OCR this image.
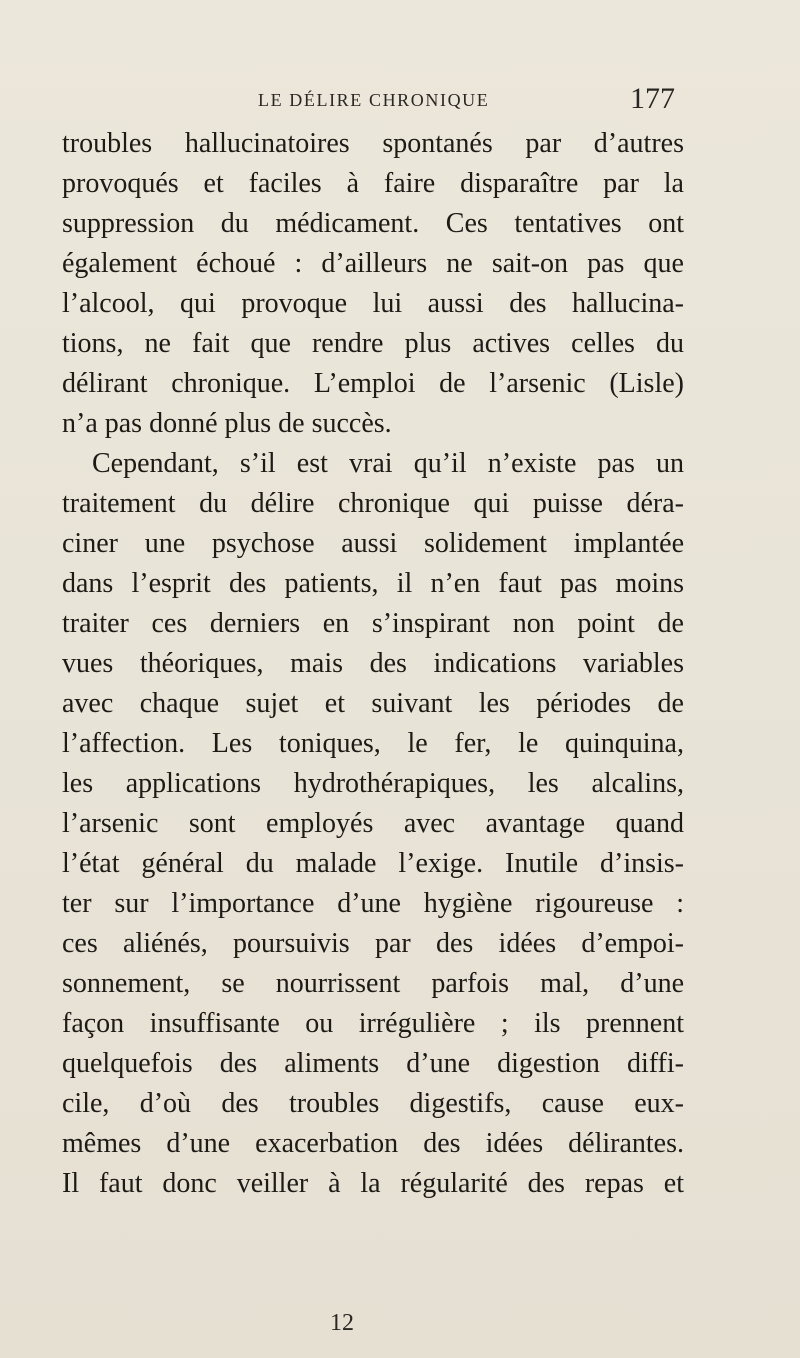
LE DÉLIRE CHRONIQUE	177
troubles hallucinatoires spontanés par d’autres
provoqués et faciles à faire disparaître par la
suppression du médicament. Ces tentatives ont
également échoué : d’ailleurs ne sait-on pas que
l’alcool, qui provoque lui aussi des hallucina-
tions, ne fait que rendre plus actives celles du
délirant chronique. L’emploi de l’arsenic (Lisle)
n’a pas donné plus de succès.
Cependant, s’il est vrai qu’il n’existe pas un
traitement du délire chronique qui puisse déra-
ciner une psychose aussi solidement implantée
dans l’esprit des patients, il n’en faut pas moins
traiter ces derniers en s’inspirant non point de
vues théoriques, mais des indications variables
avec chaque sujet et suivant les périodes de
l’affection. Les toniques, le fer, le quinquina,
les applications hydrothérapiques, les alcalins,
l’arsenic sont employés avec avantage quand
l’état général du malade l’exige. Inutile d’insis-
ter sur l’importance d’une hygiène rigoureuse :
ces aliénés, poursuivis par des idées d’empoi-
sonnement, se nourrissent parfois mal, d’une
façon insuffisante ou irrégulière ; ils prennent
quelquefois des aliments d’une digestion diffi-
cile, d’où des troubles digestifs, cause eux-
mêmes d’une exacerbation des idées délirantes.
Il faut donc veiller à la régularité des repas et
12
